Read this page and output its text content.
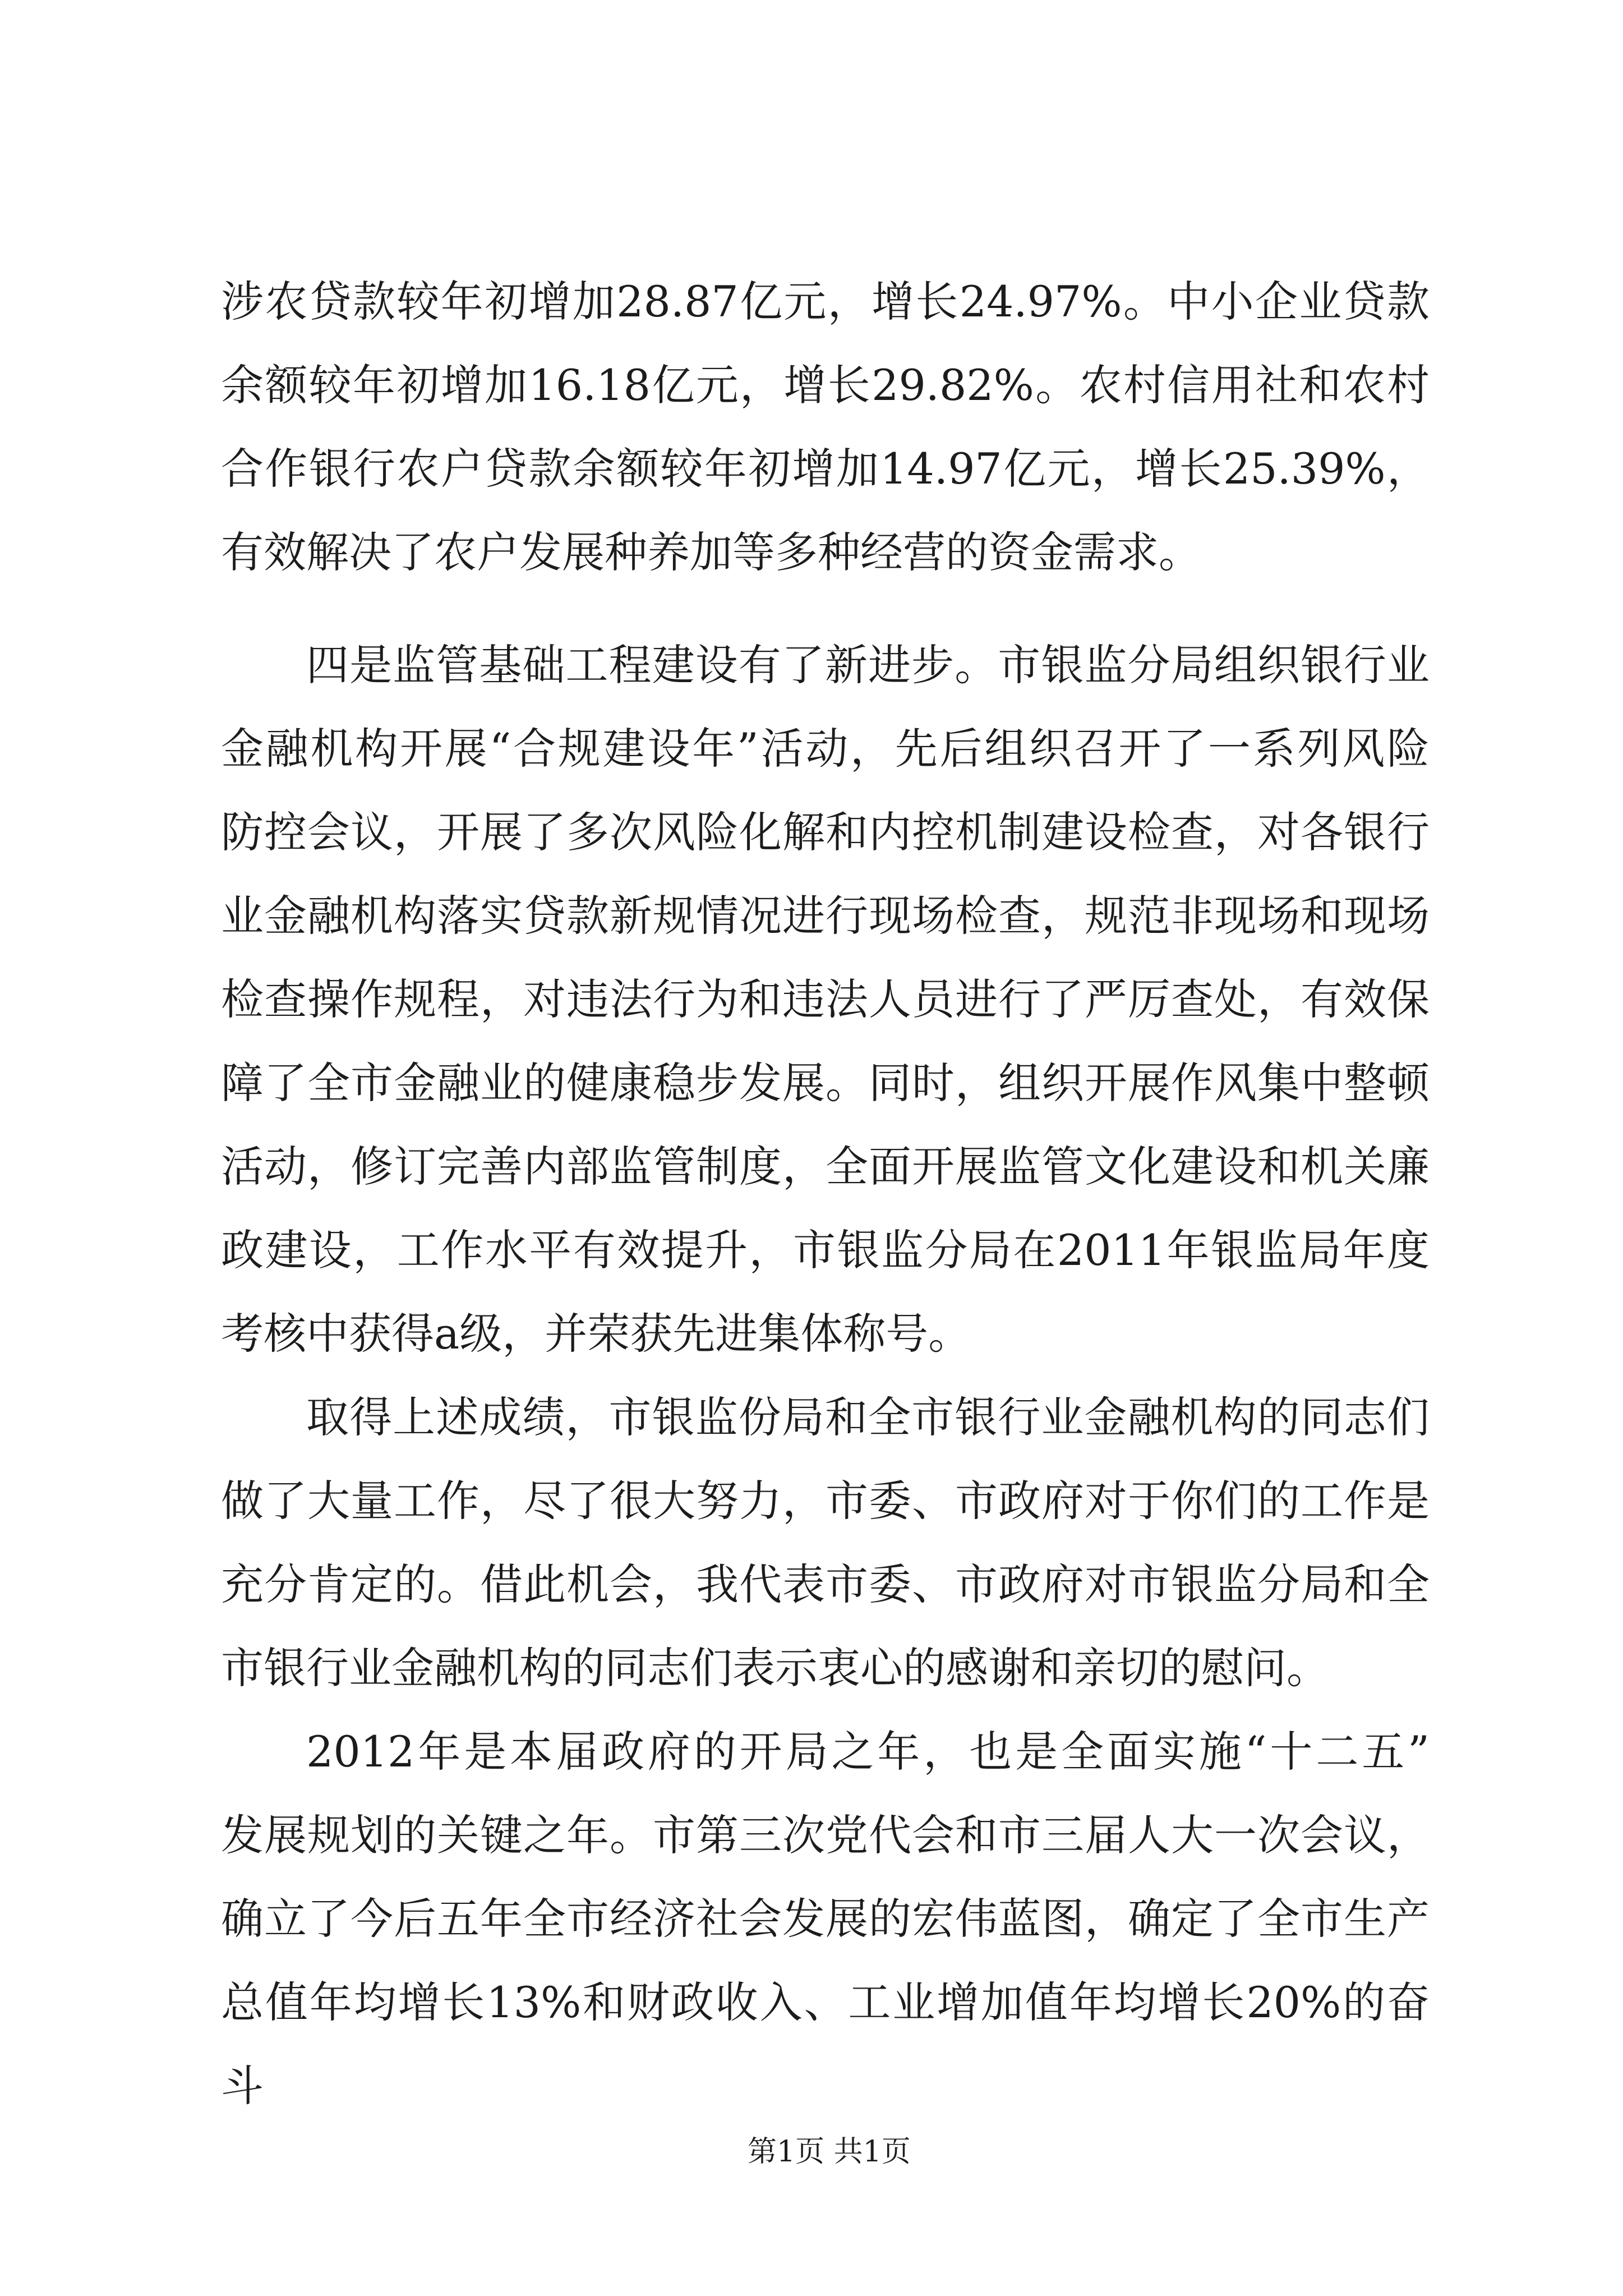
涉农贷款较年初增加28.87亿元，增长24.97%。中小企业贷款
余额较年初增加16.18亿元，增长29.82%。农村信用社和农村
合作银行农户贷款余额较年初增加14.97亿元，增长25.39%，
有效解决了农户发展种养加等多种经营的资金需求。
四是监管基础工程建设有了新进步。市银监分局组织银行业
金融机构开展“合规建设年”活动，先后组织召开了一系列风险
防控会议，开展了多次风险化解和内控机制建设检查，对各银行
业金融机构落实贷款新规情况进行现场检查，规范非现场和现场
检查操作规程，对违法行为和违法人员进行了严厉查处，有效保
障了全市金融业的健康稳步发展。同时，组织开展作风集中整顿
活动，修订完善内部监管制度，全面开展监管文化建设和机关廉
政建设，工作水平有效提升，市银监分局在2011年银监局年度
考核中获得a级，并荣获先进集体称号。
取得上述成绩，市银监份局和全市银行业金融机构的同志们
做了大量工作，尽了很大努力，市委、市政府对于你们的工作是
充分肯定的。借此机会，我代表市委、市政府对市银监分局和全
市银行业金融机构的同志们表示衷心的感谢和亲切的慰问。
2012年是本届政府的开局之年，也是全面实施“十二五”
发展规划的关键之年。市第三次党代会和市三届人大一次会议，
确立了今后五年全市经济社会发展的宏伟蓝图，确定了全市生产
总值年均增长13%和财政收入、工业增加值年均增长20%的奋斗
第1页 共1页
